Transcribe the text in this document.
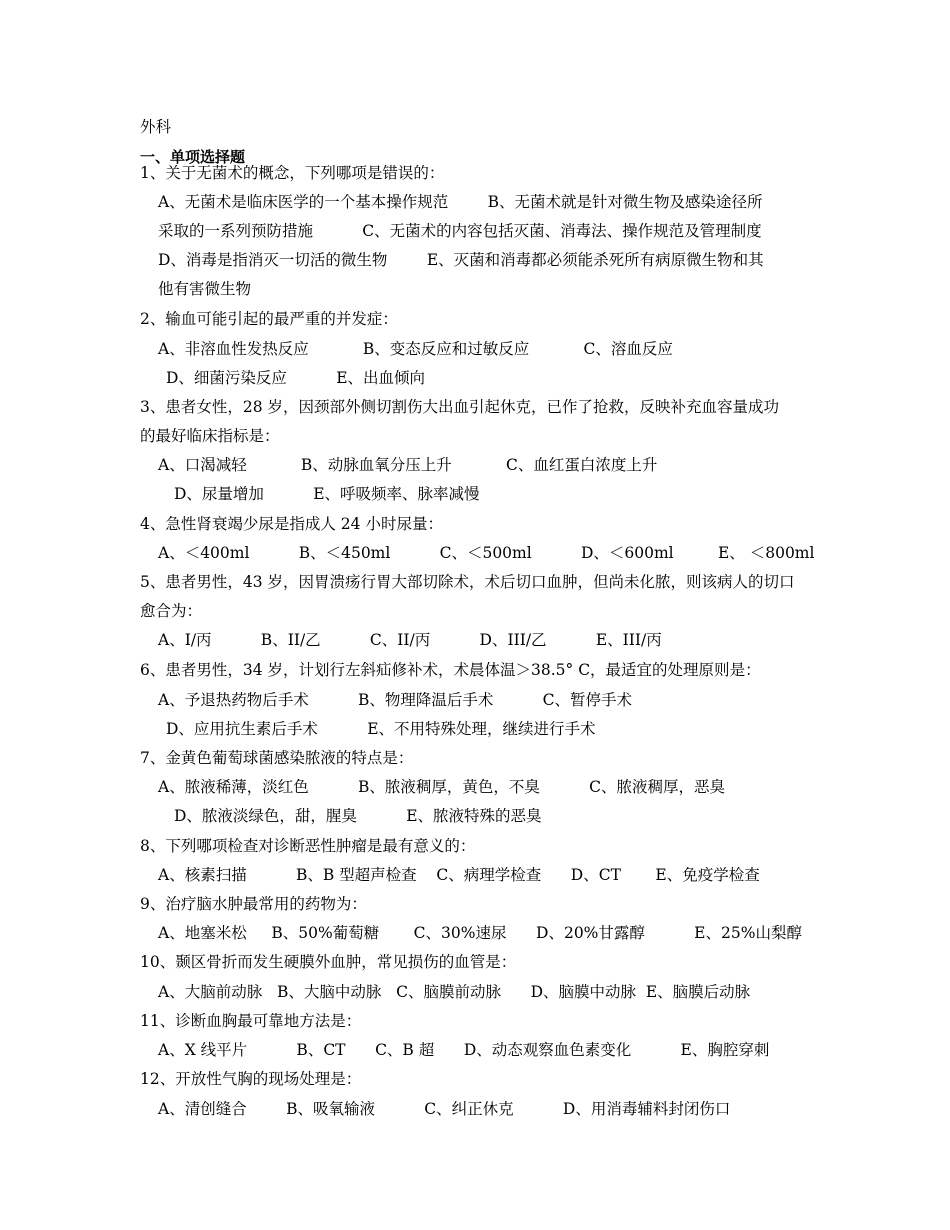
外科
一、单项选择题
1、关于无菌术的概念，下列哪项是错误的：
A、无菌术是临床医学的一个基本操作规范        B、无菌术就是针对微生物及感染途径所
采取的一系列预防措施          C、无菌术的内容包括灭菌、消毒法、操作规范及管理制度
D、消毒是指消灭一切活的微生物        E、灭菌和消毒都必须能杀死所有病原微生物和其
他有害微生物
2、输血可能引起的最严重的并发症：
A、非溶血性发热反应           B、变态反应和过敏反应           C、溶血反应
D、细菌污染反应          E、出血倾向
3、患者女性，28 岁，因颈部外侧切割伤大出血引起休克，已作了抢救，反映补充血容量成功
的最好临床指标是：
A、口渴减轻           B、动脉血氧分压上升           C、血红蛋白浓度上升
D、尿量增加          E、呼吸频率、脉率减慢
4、急性肾衰竭少尿是指成人 24 小时尿量：
A、＜400ml          B、＜450ml          C、＜500ml          D、＜600ml         E、 ＜800ml
5、患者男性，43 岁，因胃溃疡行胃大部切除术，术后切口血肿，但尚未化脓，则该病人的切口
愈合为：
A、I/丙          B、II/乙          C、II/丙          D、III/乙          E、III/丙
6、患者男性，34 岁，计划行左斜疝修补术，术晨体温＞38.5° C，最适宜的处理原则是：
A、予退热药物后手术          B、物理降温后手术          C、暂停手术
D、应用抗生素后手术          E、不用特殊处理，继续进行手术
7、金黄色葡萄球菌感染脓液的特点是：
A、脓液稀薄，淡红色          B、脓液稠厚，黄色，不臭          C、脓液稠厚，恶臭
D、脓液淡绿色，甜，腥臭          E、脓液特殊的恶臭
8、下列哪项检查对诊断恶性肿瘤是最有意义的：
A、核素扫描          B、B 型超声检查    C、病理学检查      D、CT       E、免疫学检查
9、治疗脑水肿最常用的药物为：
A、地塞米松     B、50%葡萄糖       C、30%速尿      D、20%甘露醇          E、25%山梨醇
10、颞区骨折而发生硬膜外血肿，常见损伤的血管是：
A、大脑前动脉   B、大脑中动脉   C、脑膜前动脉      D、脑膜中动脉  E、脑膜后动脉
11、诊断血胸最可靠地方法是：
A、X 线平片          B、CT      C、B 超      D、动态观察血色素变化          E、胸腔穿刺
12、开放性气胸的现场处理是：
A、清创缝合        B、吸氧输液          C、纠正休克          D、用消毒辅料封闭伤口
